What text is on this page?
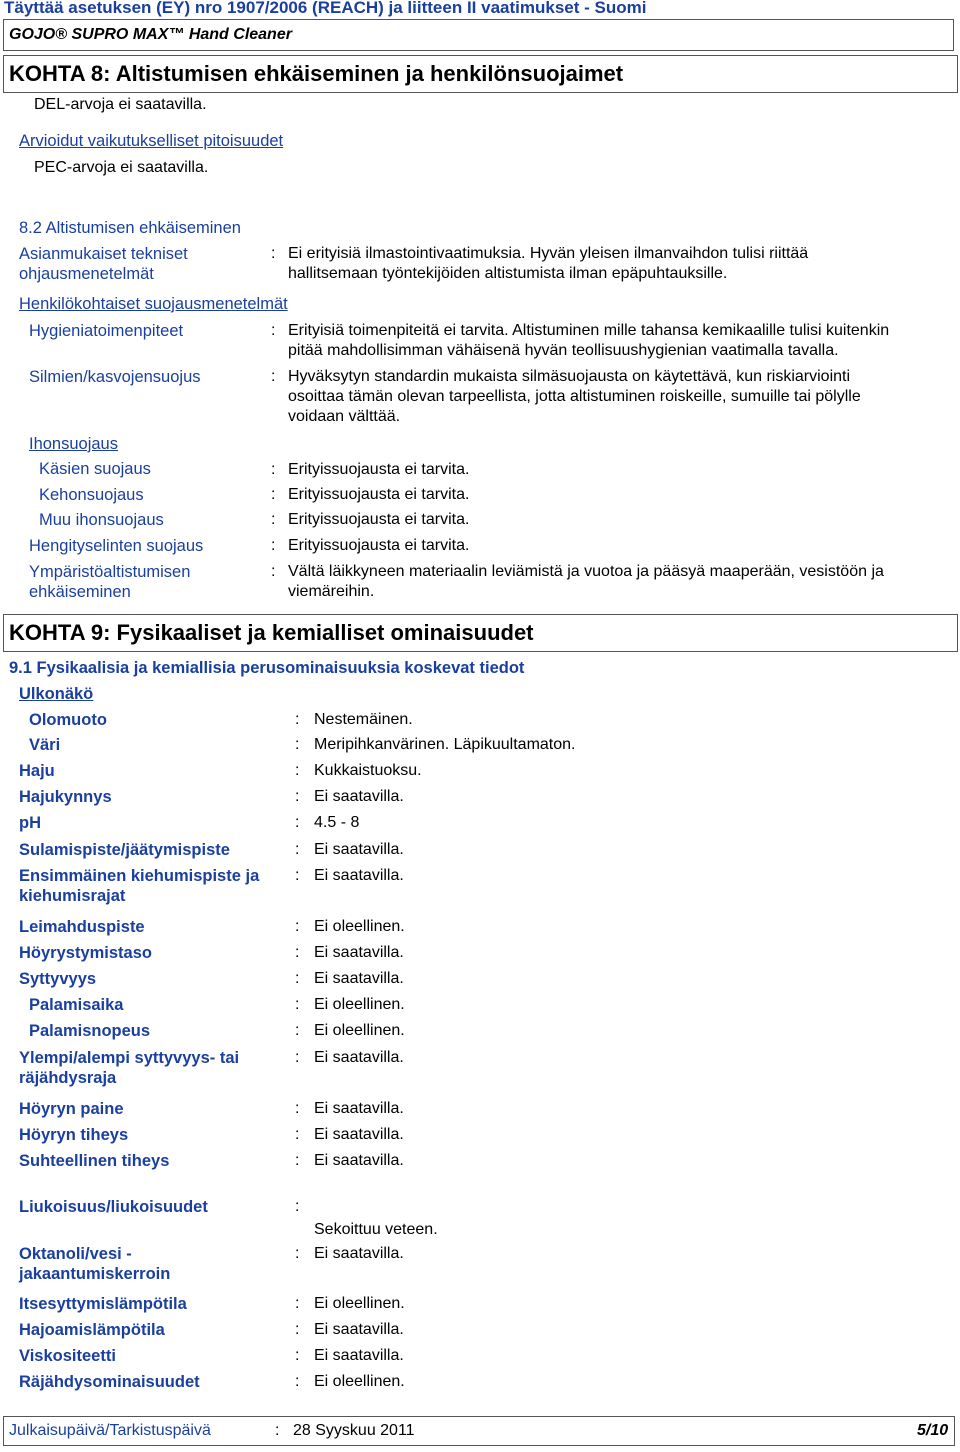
Täyttää asetuksen (EY) nro 1907/2006 (REACH) ja liitteen II vaatimukset - Suomi
GOJO® SUPRO MAX™ Hand Cleaner
KOHTA 8: Altistumisen ehkäiseminen ja henkilönsuojaimet
DEL-arvoja ei saatavilla.
Arvioidut vaikutukselliset pitoisuudet
PEC-arvoja ei saatavilla.
8.2 Altistumisen ehkäiseminen
Asianmukaiset tekniset
ohjausmenetelmät
: Ei erityisiä ilmastointivaatimuksia. Hyvän yleisen ilmanvaihdon tulisi riittää
hallitsemaan työntekijöiden altistumista ilman epäpuhtauksille.
Henkilökohtaiset suojausmenetelmät
Hygieniatoimenpiteet	: Erityisiä toimenpiteitä ei tarvita. Altistuminen mille tahansa kemikaalille tulisi kuitenkin
pitää mahdollisimman vähäisenä hyvän teollisuushygienian vaatimalla tavalla.
Silmien/kasvojensuojus	: Hyväksytyn standardin mukaista silmäsuojausta on käytettävä, kun riskiarviointi
osoittaa tämän olevan tarpeellista, jotta altistuminen roiskeille, sumuille tai pölylle
voidaan välttää.
Ihonsuojaus
Käsien suojaus	: Erityissuojausta ei tarvita.
Kehonsuojaus	: Erityissuojausta ei tarvita.
Muu ihonsuojaus	: Erityissuojausta ei tarvita.
Hengityselinten suojaus	: Erityissuojausta ei tarvita.
Ympäristöaltistumisen
ehkäiseminen
: Vältä läikkyneen materiaalin leviämistä ja vuotoa ja pääsyä maaperään, vesistöön ja
viemäreihin.
KOHTA 9: Fysikaaliset ja kemialliset ominaisuudet
9.1 Fysikaalisia ja kemiallisia perusominaisuuksia koskevat tiedot
Ulkonäkö
Olomuoto	: Nestemäinen.
Väri	: Meripihkanvärinen. Läpikuultamaton.
Haju	: Kukkaistuoksu.
Hajukynnys	: Ei saatavilla.
pH	: 4.5 - 8
Sulamispiste/jäätymispiste	: Ei saatavilla.
Ensimmäinen kiehumispiste ja
kiehumisrajat
: Ei saatavilla.
Leimahduspiste	: Ei oleellinen.
Höyrystymistaso	: Ei saatavilla.
Syttyvyys	: Ei saatavilla.
Palamisaika	: Ei oleellinen.
Palamisnopeus	: Ei oleellinen.
Ylempi/alempi syttyvyys- tai
räjähdysraja
: Ei saatavilla.
Höyryn paine	: Ei saatavilla.
Höyryn tiheys	: Ei saatavilla.
Suhteellinen tiheys	: Ei saatavilla.
Liukoisuus/liukoisuudet	:
Sekoittuu veteen.
Oktanoli/vesi -
jakaantumiskerroin
: Ei saatavilla.
Itsesyttymislämpötila	: Ei oleellinen.
Hajoamislämpötila	: Ei saatavilla.
Viskositeetti	: Ei saatavilla.
Räjähdysominaisuudet	: Ei oleellinen.
Julkaisupäivä/Tarkistuspäivä	: 28 Syyskuu 2011	5/10
